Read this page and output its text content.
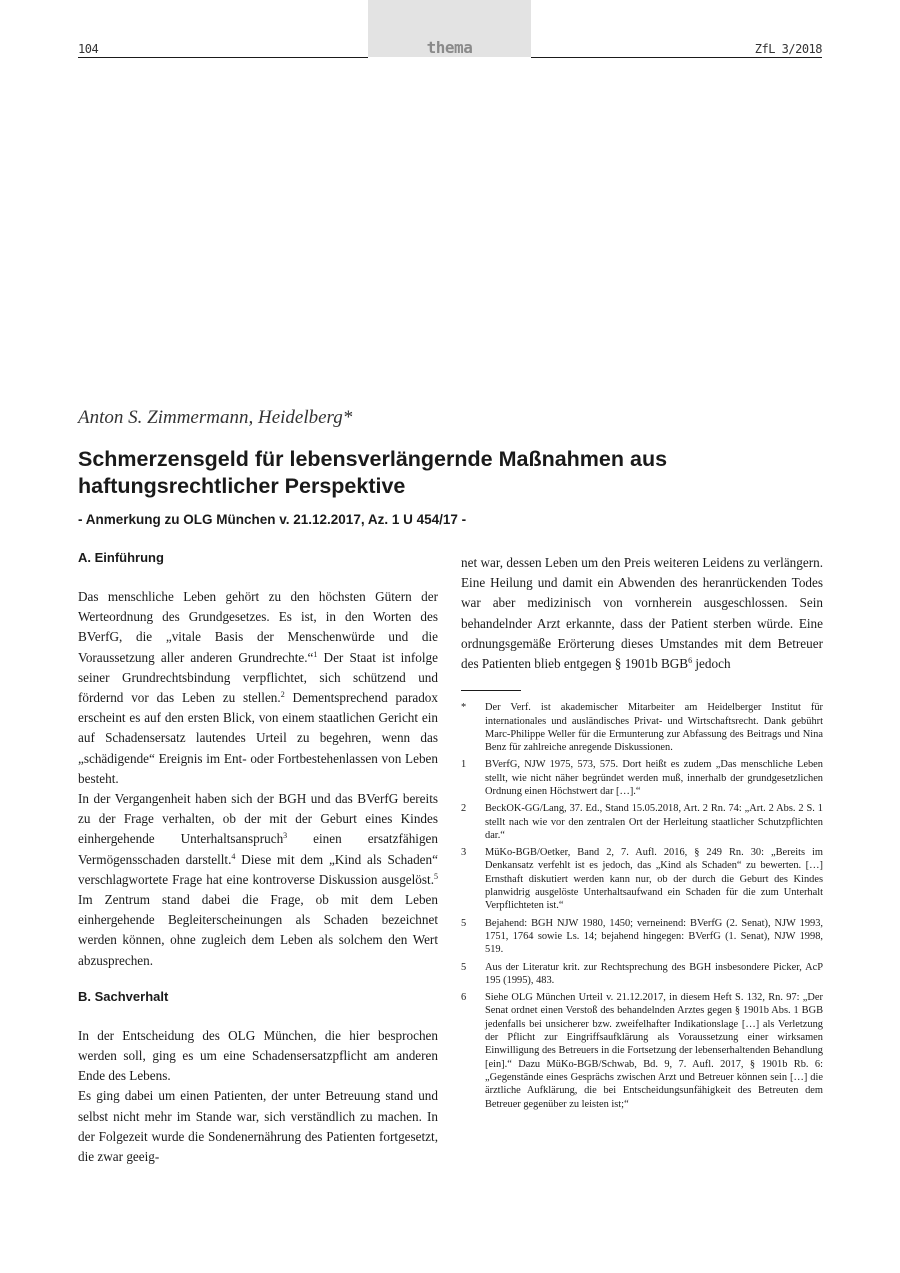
104	ZfL 3/2018
thema
Anton S. Zimmermann, Heidelberg*
Schmerzensgeld für lebensverlängernde Maßnahmen aus haftungsrechtlicher Perspektive
- Anmerkung zu OLG München v. 21.12.2017, Az. 1 U 454/17 -
A. Einführung

Das menschliche Leben gehört zu den höchsten Gütern der Werteordnung des Grundgesetzes. Es ist, in den Worten des BVerfG, die „vitale Basis der Menschenwürde und die Voraussetzung aller anderen Grundrechte.“$^1$ Der Staat ist infolge seiner Grundrechtsbindung verpflichtet, sich schützend und fördernd vor das Leben zu stellen.$^2$ Dementsprechend paradox erscheint es auf den ersten Blick, von einem staatlichen Gericht ein auf Schadensersatz lautendes Urteil zu begehren, wenn das „schädigende“ Ereignis im Ent- oder Fortbestehenlassen von Leben besteht.

In der Vergangenheit haben sich der BGH und das BVerfG bereits zu der Frage verhalten, ob der mit der Geburt eines Kindes einhergehende Unterhaltsanspruch$^3$ einen ersatzfähigen Vermögensschaden darstellt.$^4$ Diese mit dem „Kind als Schaden“ verschlagwortete Frage hat eine kontroverse Diskussion ausgelöst.$^5$ Im Zentrum stand dabei die Frage, ob mit dem Leben einhergehende Begleiterscheinungen als Schaden bezeichnet werden können, ohne zugleich dem Leben als solchem den Wert abzusprechen.

B. Sachverhalt

In der Entscheidung des OLG München, die hier besprochen werden soll, ging es um eine Schadensersatzpflicht am anderen Ende des Lebens.

Es ging dabei um einen Patienten, der unter Betreuung stand und selbst nicht mehr im Stande war, sich verständlich zu machen. In der Folgezeit wurde die Sondenernährung des Patienten fortgesetzt, die zwar geeig-

net war, dessen Leben um den Preis weiteren Leidens zu verlängern. Eine Heilung und damit ein Abwenden des heranrückenden Todes war aber medizinisch von vornherein ausgeschlossen. Sein behandelnder Arzt erkannte, dass der Patient sterben würde. Eine ordnungsgemäße Erörterung dieses Umstandes mit dem Betreuer des Patienten blieb entgegen § 1901b BGB$^6$ jedoch

*	Der Verf. ist akademischer Mitarbeiter am Heidelberger Institut für internationales und ausländisches Privat- und Wirtschaftsrecht. Dank gebührt Marc-Philippe Weller für die Ermunterung zur Abfassung des Beitrags und Nina Benz für zahlreiche anregende Diskussionen.
1	BVerfG, NJW 1975, 573, 575. Dort heißt es zudem „Das menschliche Leben stellt, wie nicht näher begründet werden muß, innerhalb der grundgesetzlichen Ordnung einen Höchstwert dar […].“
2	BeckOK-GG/Lang, 37. Ed., Stand 15.05.2018, Art. 2 Rn. 74: „Art. 2 Abs. 2 S. 1 stellt nach wie vor den zentralen Ort der Herleitung staatlicher Schutzpflichten dar.“
3	MüKo-BGB/Oetker, Band 2, 7. Aufl. 2016, § 249 Rn. 30: „Bereits im Denkansatz verfehlt ist es jedoch, das „Kind als Schaden“ zu bewerten. […] Ernsthaft diskutiert werden kann nur, ob der durch die Geburt des Kindes planwidrig ausgelöste Unterhaltsaufwand ein Schaden für die zum Unterhalt Verpflichteten ist.“
5	Bejahend: BGH NJW 1980, 1450; verneinend: BVerfG (2. Senat), NJW 1993, 1751, 1764 sowie Ls. 14; bejahend hingegen: BVerfG (1. Senat), NJW 1998, 519.
5	Aus der Literatur krit. zur Rechtsprechung des BGH insbesondere Picker, AcP 195 (1995), 483.
6	Siehe OLG München Urteil v. 21.12.2017, in diesem Heft S. 132, Rn. 97: „Der Senat ordnet einen Verstoß des behandelnden Arztes gegen § 1901b Abs. 1 BGB jedenfalls bei unsicherer bzw. zweifelhafter Indikationslage […] als Verletzung der Pflicht zur Eingriffsaufklärung als Voraussetzung einer wirksamen Einwilligung des Betreuers in die Fortsetzung der lebenserhaltenden Behandlung [ein].“ Dazu MüKo-BGB/Schwab, Bd. 9, 7. Aufl. 2017, § 1901b Rb. 6: „Gegenstände eines Gesprächs zwischen Arzt und Betreuer können sein […] die ärztliche Aufklärung, die bei Entscheidungsunfähigkeit des Betreuten dem Betreuer gegenüber zu leisten ist;“
